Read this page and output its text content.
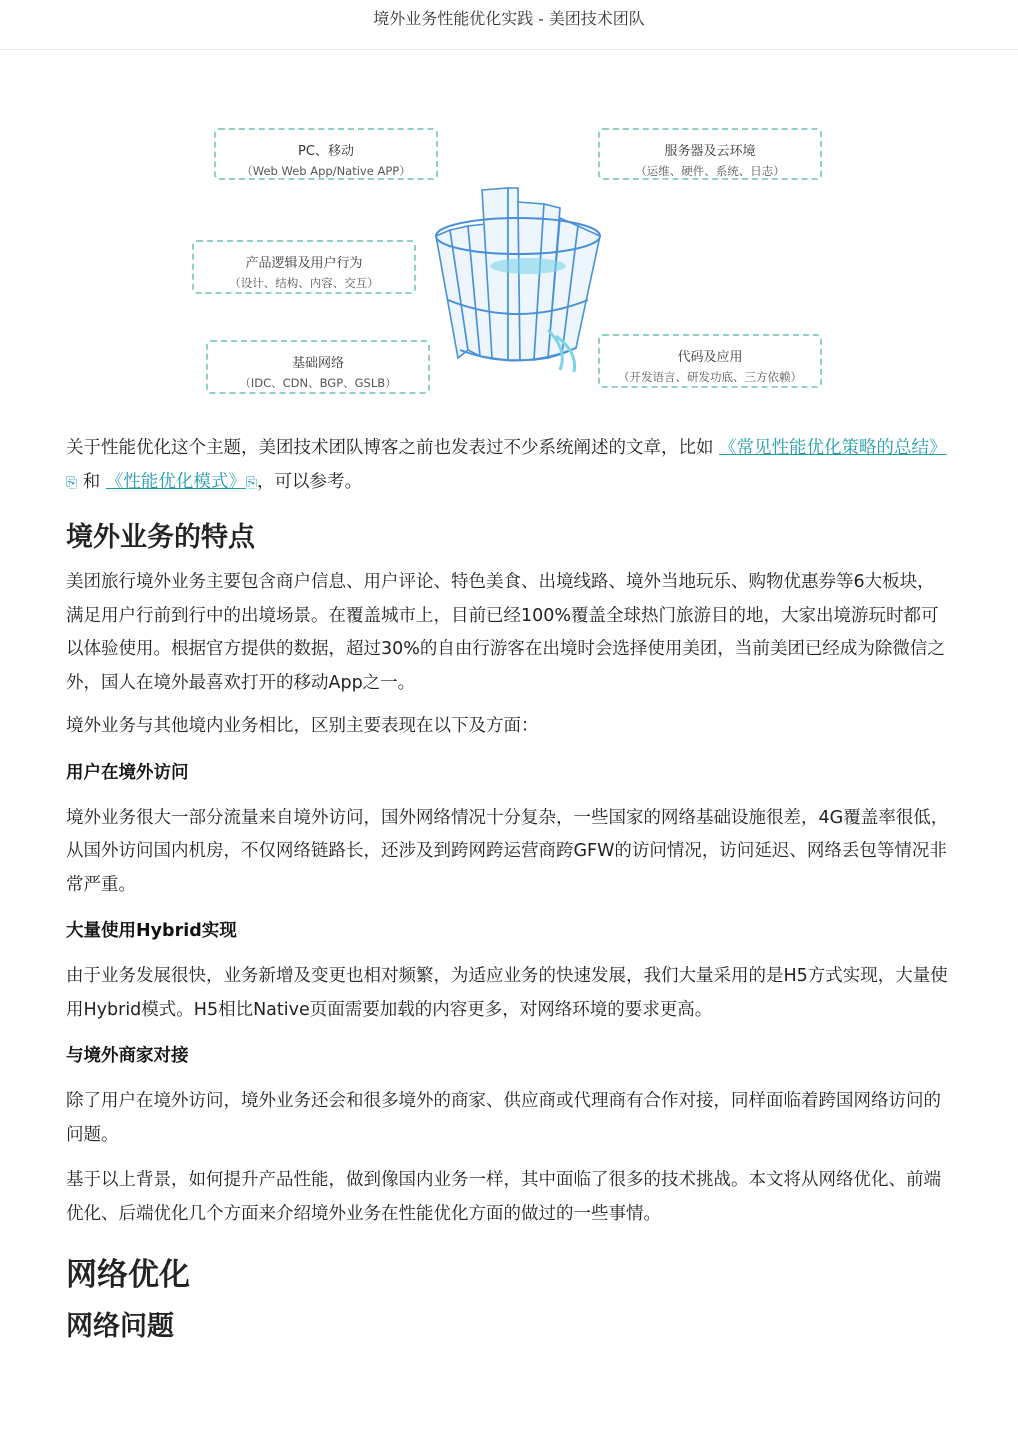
境外业务性能优化实践 - 美团技术团队
PC、移动
（Web Web App/Native APP）
服务器及云环境
（运维、硬件、系统、日志）
产品逻辑及用户行为
（设计、结构、内容、交互）
基础网络
（IDC、CDN、BGP、GSLB）
代码及应用
（开发语言、研发功底、三方依赖）

关于性能优化这个主题，美团技术团队博客之前也发表过不少系统阐述的文章，比如 《常见性能优化策略的总结》⎘ 和 《性能优化模式》⎘，可以参考。

境外业务的特点

美团旅行境外业务主要包含商户信息、用户评论、特色美食、出境线路、境外当地玩乐、购物优惠券等6大板块，满足用户行前到行中的出境场景。在覆盖城市上，目前已经100%覆盖全球热门旅游目的地，大家出境游玩时都可以体验使用。根据官方提供的数据，超过30%的自由行游客在出境时会选择使用美团，当前美团已经成为除微信之外，国人在境外最喜欢打开的移动App之一。

境外业务与其他境内业务相比，区别主要表现在以下及方面：

用户在境外访问

境外业务很大一部分流量来自境外访问，国外网络情况十分复杂，一些国家的网络基础设施很差，4G覆盖率很低，从国外访问国内机房，不仅网络链路长，还涉及到跨网跨运营商跨GFW的访问情况，访问延迟、网络丢包等情况非常严重。

大量使用Hybrid实现

由于业务发展很快，业务新增及变更也相对频繁，为适应业务的快速发展，我们大量采用的是H5方式实现，大量使用Hybrid模式。H5相比Native页面需要加载的内容更多，对网络环境的要求更高。

与境外商家对接

除了用户在境外访问，境外业务还会和很多境外的商家、供应商或代理商有合作对接，同样面临着跨国网络访问的问题。

基于以上背景，如何提升产品性能，做到像国内业务一样，其中面临了很多的技术挑战。本文将从网络优化、前端优化、后端优化几个方面来介绍境外业务在性能优化方面的做过的一些事情。

网络优化
网络问题
